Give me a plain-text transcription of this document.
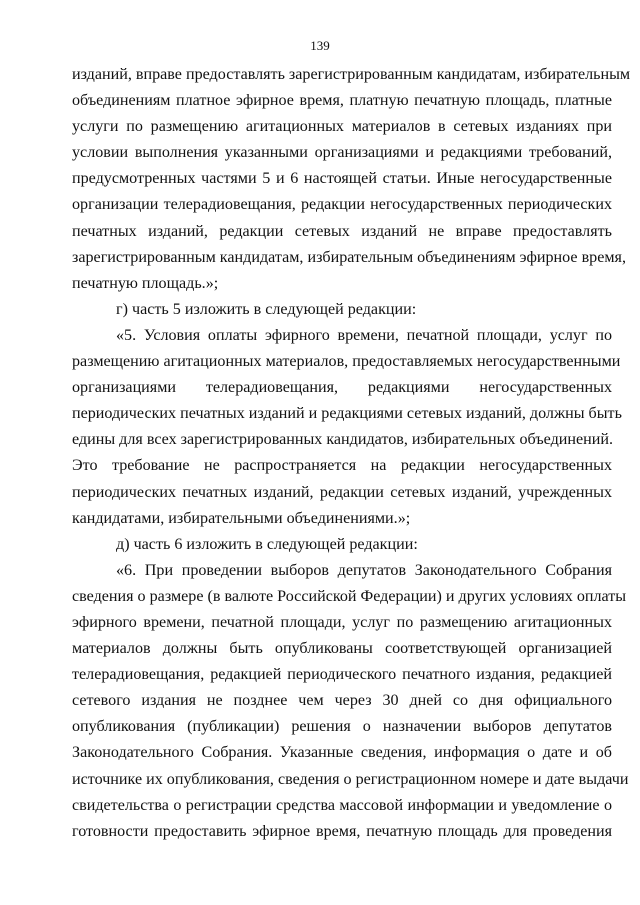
139
изданий, вправе предоставлять зарегистрированным кандидатам, избирательным
объединениям платное эфирное время, платную печатную площадь, платные
услуги по размещению агитационных материалов в сетевых изданиях при
условии выполнения указанными организациями и редакциями требований,
предусмотренных частями 5 и 6 настоящей статьи. Иные негосударственные
организации телерадиовещания, редакции негосударственных периодических
печатных изданий, редакции сетевых изданий не вправе предоставлять
зарегистрированным кандидатам, избирательным объединениям эфирное время,
печатную площадь.»;
г) часть 5 изложить в следующей редакции:
«5. Условия оплаты эфирного времени, печатной площади, услуг по
размещению агитационных материалов, предоставляемых негосударственными
организациями телерадиовещания, редакциями негосударственных
периодических печатных изданий и редакциями сетевых изданий, должны быть
едины для всех зарегистрированных кандидатов, избирательных объединений.
Это требование не распространяется на редакции негосударственных
периодических печатных изданий, редакции сетевых изданий, учрежденных
кандидатами, избирательными объединениями.»;
д) часть 6 изложить в следующей редакции:
«6. При проведении выборов депутатов Законодательного Собрания
сведения о размере (в валюте Российской Федерации) и других условиях оплаты
эфирного времени, печатной площади, услуг по размещению агитационных
материалов должны быть опубликованы соответствующей организацией
телерадиовещания, редакцией периодического печатного издания, редакцией
сетевого издания не позднее чем через 30 дней со дня официального
опубликования (публикации) решения о назначении выборов депутатов
Законодательного Собрания. Указанные сведения, информация о дате и об
источнике их опубликования, сведения о регистрационном номере и дате выдачи
свидетельства о регистрации средства массовой информации и уведомление о
готовности предоставить эфирное время, печатную площадь для проведения
